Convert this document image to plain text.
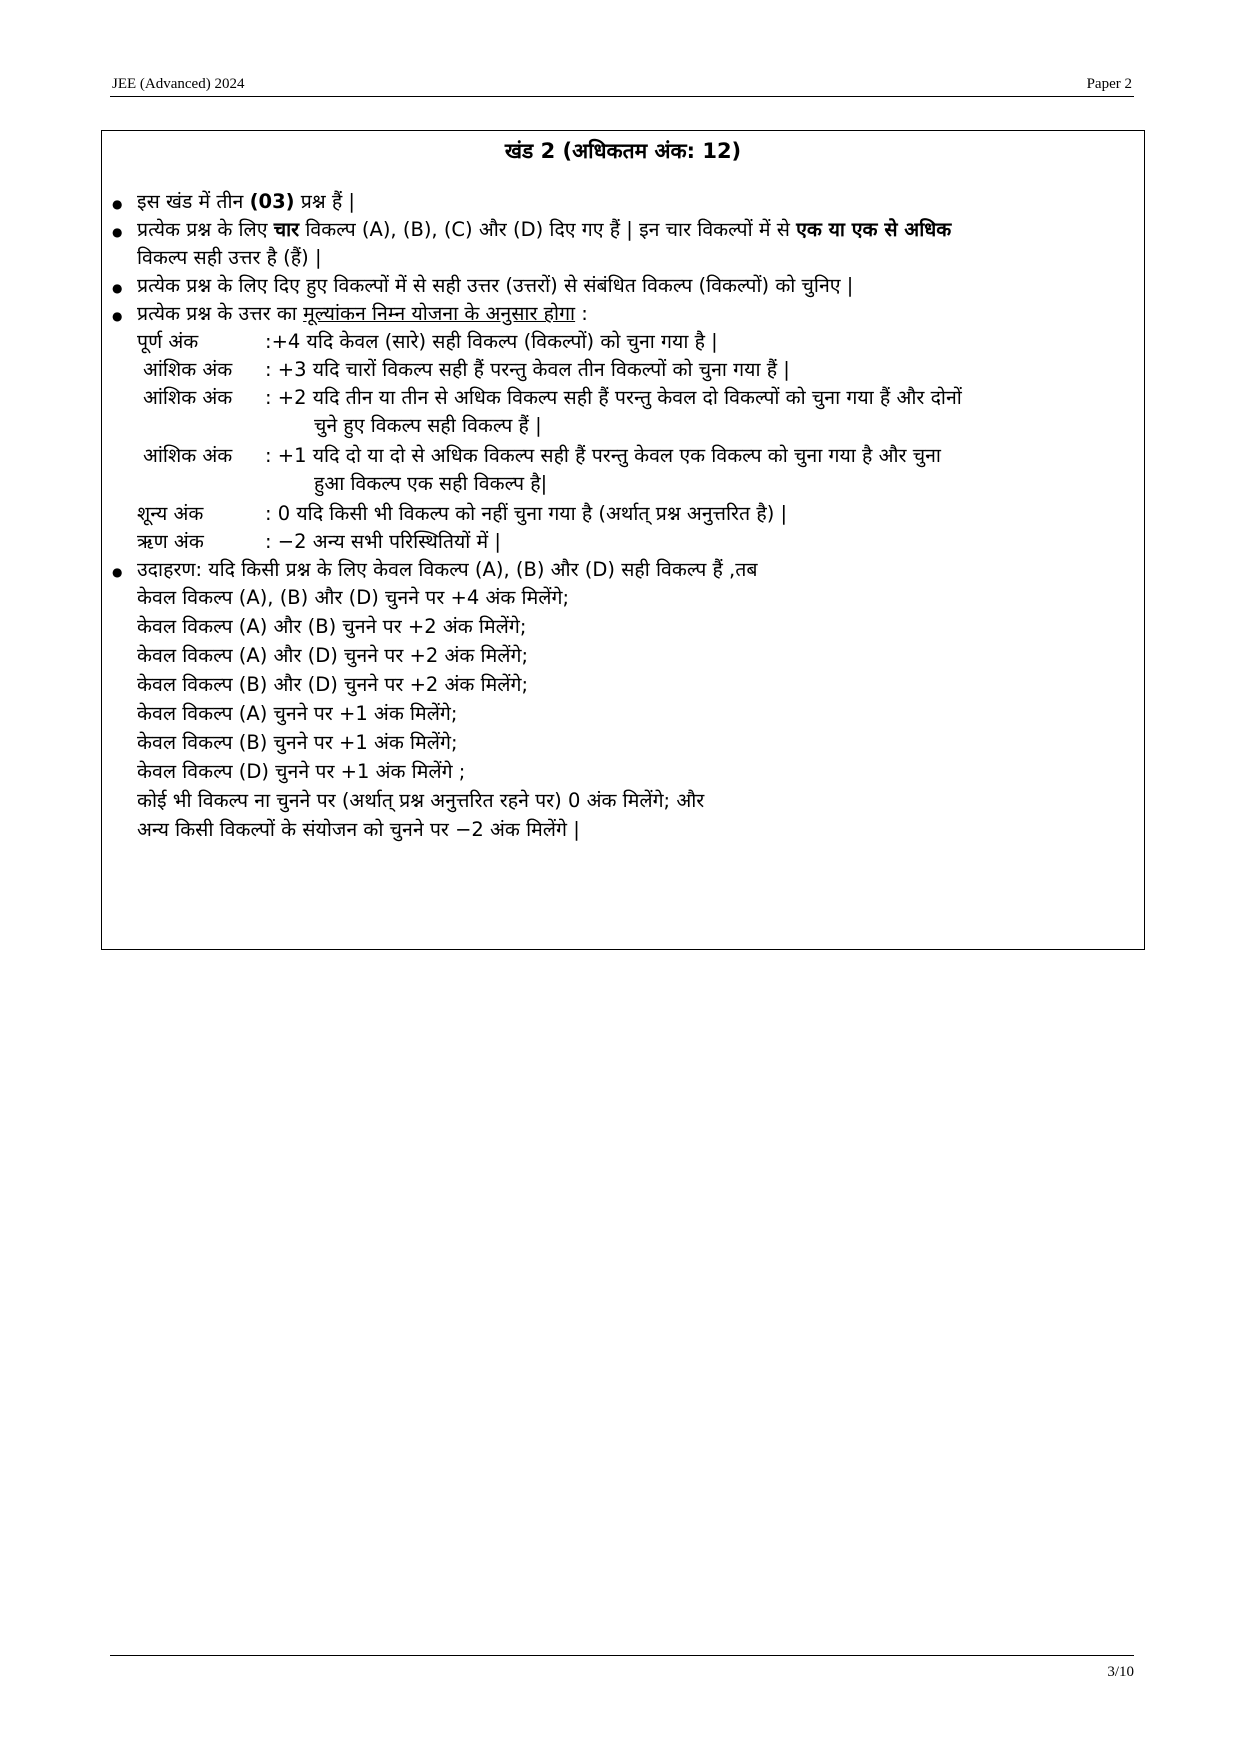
JEE (Advanced) 2024	Paper 2
खंड 2 (अधिकतम अंक: 12)
● इस खंड में तीन (03) प्रश्न हैं |
● प्रत्येक प्रश्न के लिए चार विकल्प (A), (B), (C) और (D) दिए गए हैं | इन चार विकल्पों में से एक या एक से अधिक
विकल्प सही उत्तर है (हैं) |
● प्रत्येक प्रश्न के लिए दिए हुए विकल्पों में से सही उत्तर (उत्तरों) से संबंधित विकल्प (विकल्पों) को चुनिए |
● प्रत्येक प्रश्न के उत्तर का मूल्यांकन निम्न योजना के अनुसार होगा :
पूर्ण अंक	:+4 यदि केवल (सारे) सही विकल्प (विकल्पों) को चुना गया है |
आंशिक अंक : +3 यदि चारों विकल्प सही हैं परन्तु केवल तीन विकल्पों को चुना गया हैं |
आंशिक अंक : +2 यदि तीन या तीन से अधिक विकल्प सही हैं परन्तु केवल दो विकल्पों को चुना गया हैं और दोनों
चुने हुए विकल्प सही विकल्प हैं |
आंशिक अंक : +1 यदि दो या दो से अधिक विकल्प सही हैं परन्तु केवल एक विकल्प को चुना गया है और चुना
हुआ विकल्प एक सही विकल्प है|
शून्य अंक	: 0 यदि किसी भी विकल्प को नहीं चुना गया है (अर्थात् प्रश्न अनुत्तरित है) |
ऋण अंक	: −2 अन्य सभी परिस्थितियों में |
● उदाहरण: यदि किसी प्रश्न के लिए केवल विकल्प (A), (B) और (D) सही विकल्प हैं ,तब
केवल विकल्प (A), (B) और (D) चुनने पर +4 अंक मिलेंगे;
केवल विकल्प (A) और (B) चुनने पर +2 अंक मिलेंगे;
केवल विकल्प (A) और (D) चुनने पर +2 अंक मिलेंगे;
केवल विकल्प (B) और (D) चुनने पर +2 अंक मिलेंगे;
केवल विकल्प (A) चुनने पर +1 अंक मिलेंगे;
केवल विकल्प (B) चुनने पर +1 अंक मिलेंगे;
केवल विकल्प (D) चुनने पर +1 अंक मिलेंगे ;
कोई भी विकल्प ना चुनने पर (अर्थात् प्रश्न अनुत्तरित रहने पर) 0 अंक मिलेंगे; और
अन्य किसी विकल्पों के संयोजन को चुनने पर −2 अंक मिलेंगे |
3/10
